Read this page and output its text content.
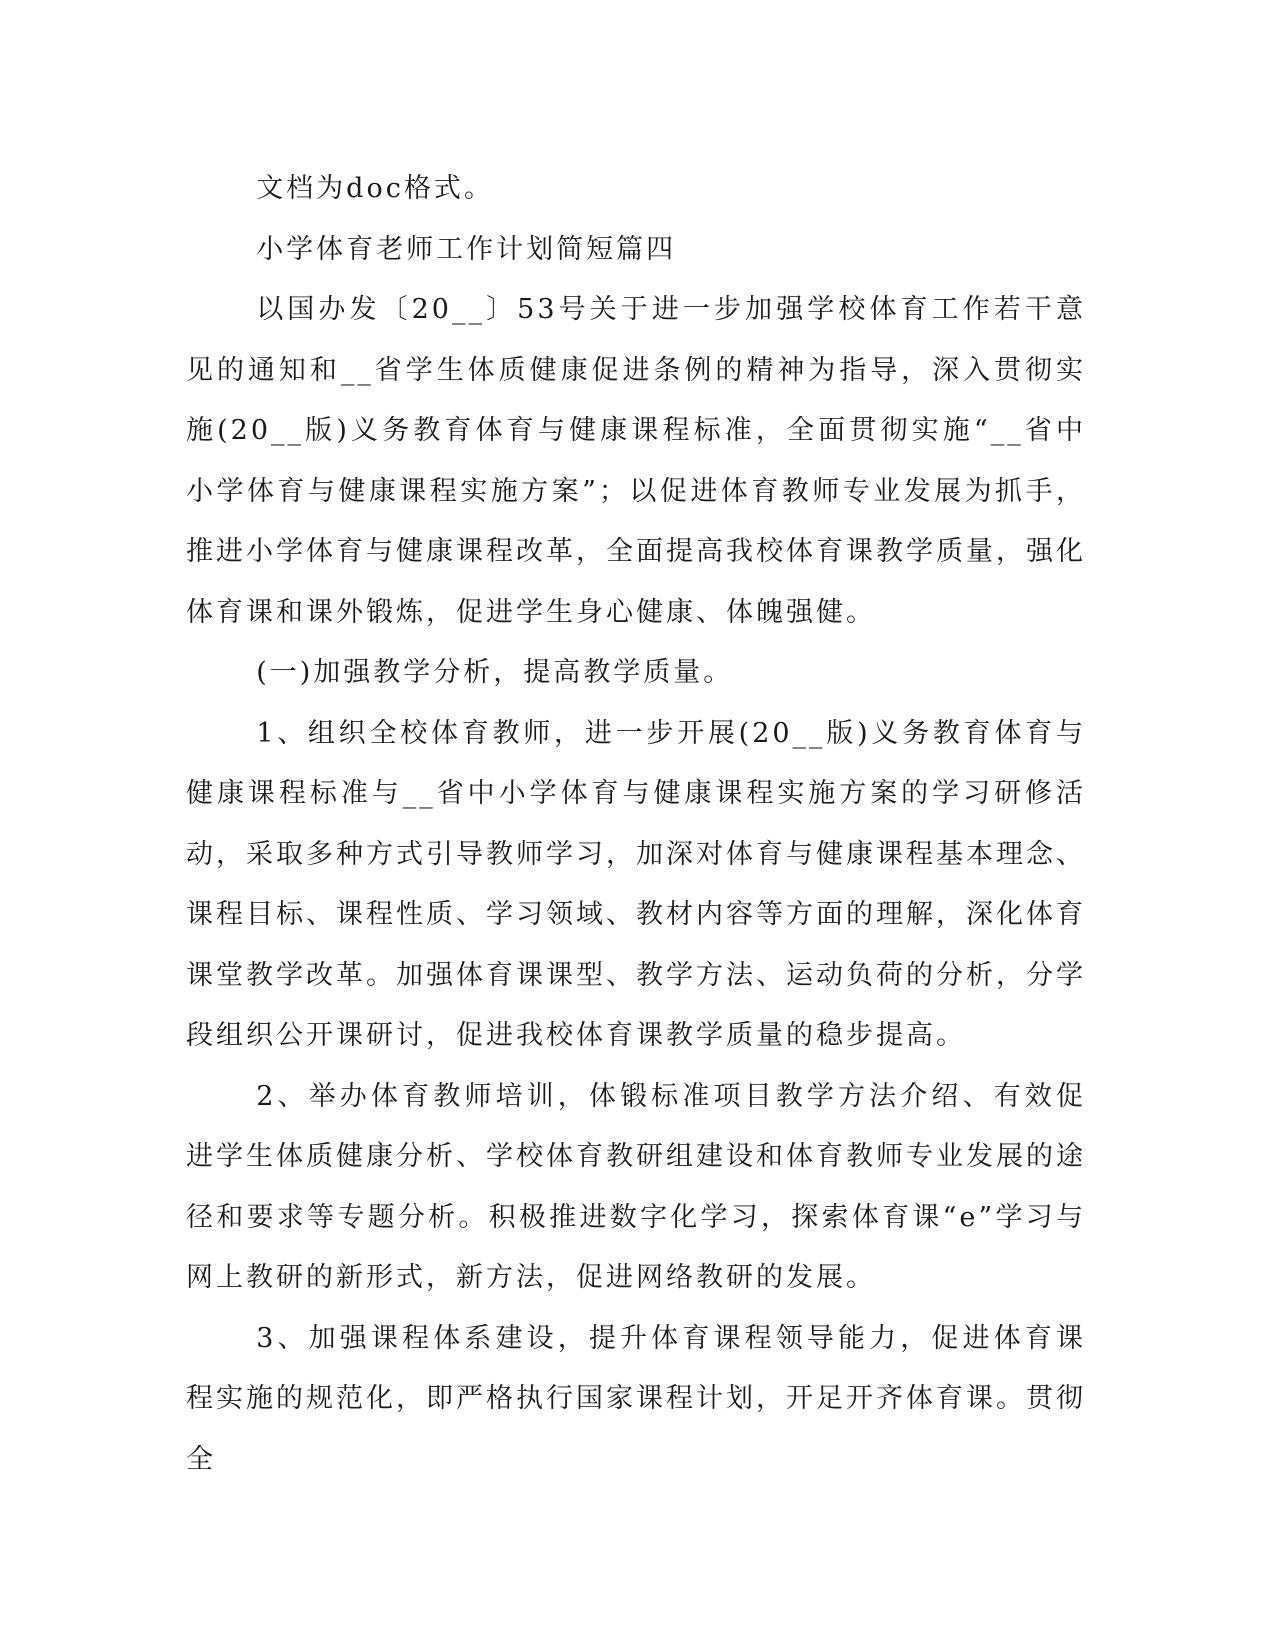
文档为doc格式。

小学体育老师工作计划简短篇四

以国办发〔20__〕53号关于进一步加强学校体育工作若干意见的通知和__省学生体质健康促进条例的精神为指导，深入贯彻实施(20__版)义务教育体育与健康课程标准，全面贯彻实施“__省中小学体育与健康课程实施方案”；以促进体育教师专业发展为抓手，推进小学体育与健康课程改革，全面提高我校体育课教学质量，强化体育课和课外锻炼，促进学生身心健康、体魄强健。

(一)加强教学分析，提高教学质量。

1、组织全校体育教师，进一步开展(20__版)义务教育体育与健康课程标准与__省中小学体育与健康课程实施方案的学习研修活动，采取多种方式引导教师学习，加深对体育与健康课程基本理念、课程目标、课程性质、学习领域、教材内容等方面的理解，深化体育课堂教学改革。加强体育课课型、教学方法、运动负荷的分析，分学段组织公开课研讨，促进我校体育课教学质量的稳步提高。

2、举办体育教师培训，体锻标准项目教学方法介绍、有效促进学生体质健康分析、学校体育教研组建设和体育教师专业发展的途径和要求等专题分析。积极推进数字化学习，探索体育课“e”学习与网上教研的新形式，新方法，促进网络教研的发展。

3、加强课程体系建设，提升体育课程领导能力，促进体育课程实施的规范化，即严格执行国家课程计划，开足开齐体育课。贯彻全
